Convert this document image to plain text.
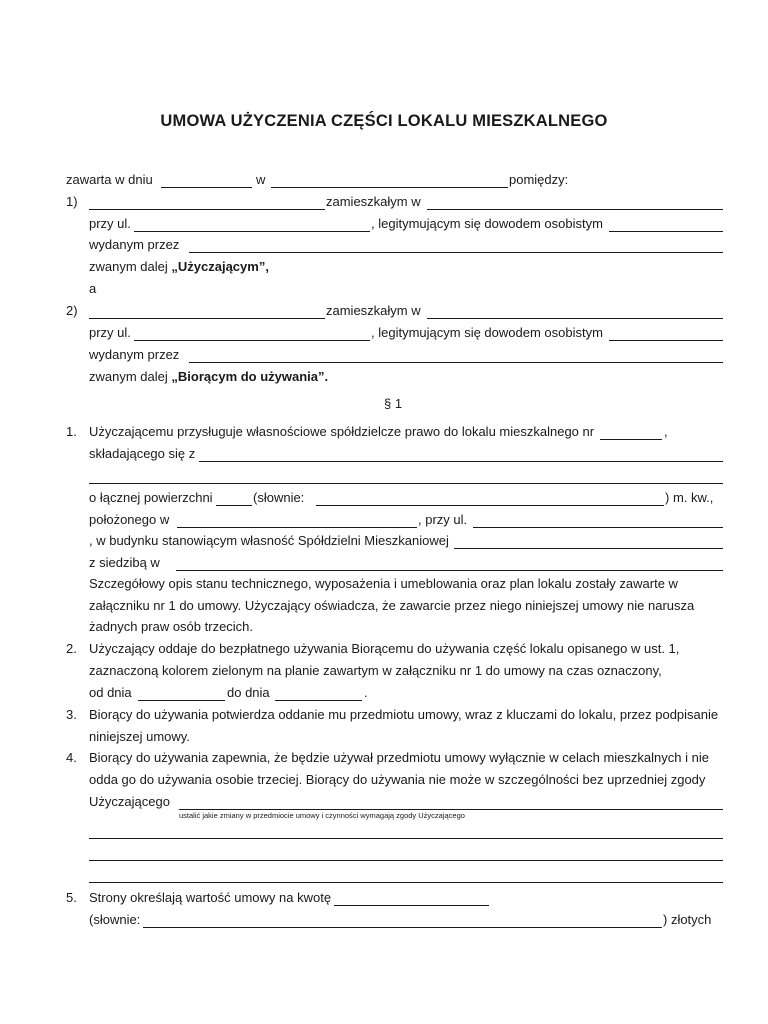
UMOWA UŻYCZENIA CZĘŚCI LOKALU MIESZKALNEGO
zawarta w dniu	w	pomiędzy:
1)	zamieszkałym w
przy ul.	, legitymującym się dowodem osobistym
wydanym przez
zwanym dalej „Użyczającym”,
a
2)	zamieszkałym w
przy ul.	, legitymującym się dowodem osobistym
wydanym przez
zwanym dalej „Biorącym do używania”.
§ 1
1. Użyczającemu przysługuje własnościowe spółdzielcze prawo do lokalu mieszkalnego nr	,
składającego się z
o łącznej powierzchni	(słownie:	) m. kw.,
położonego w	, przy ul.
, w budynku stanowiącym własność Spółdzielni Mieszkaniowej
z siedzibą w
Szczegółowy opis stanu technicznego, wyposażenia i umeblowania oraz plan lokalu zostały zawarte w
załączniku nr 1 do umowy. Użyczający oświadcza, że zawarcie przez niego niniejszej umowy nie narusza
żadnych praw osób trzecich.
2. Użyczający oddaje do bezpłatnego używania Biorącemu do używania część lokalu opisanego w ust. 1,
zaznaczoną kolorem zielonym na planie zawartym w załączniku nr 1 do umowy na czas oznaczony,
od dnia	do dnia	.
3. Biorący do używania potwierdza oddanie mu przedmiotu umowy, wraz z kluczami do lokalu, przez podpisanie
niniejszej umowy.
4. Biorący do używania zapewnia, że będzie używał przedmiotu umowy wyłącznie w celach mieszkalnych i nie
odda go do używania osobie trzeciej. Biorący do używania nie może w szczególności bez uprzedniej zgody
Użyczającego
ustalić jakie zmiany w przedmiocie umowy i czynności wymagają zgody Użyczającego
5. Strony określają wartość umowy na kwotę
(słownie:	) złotych
